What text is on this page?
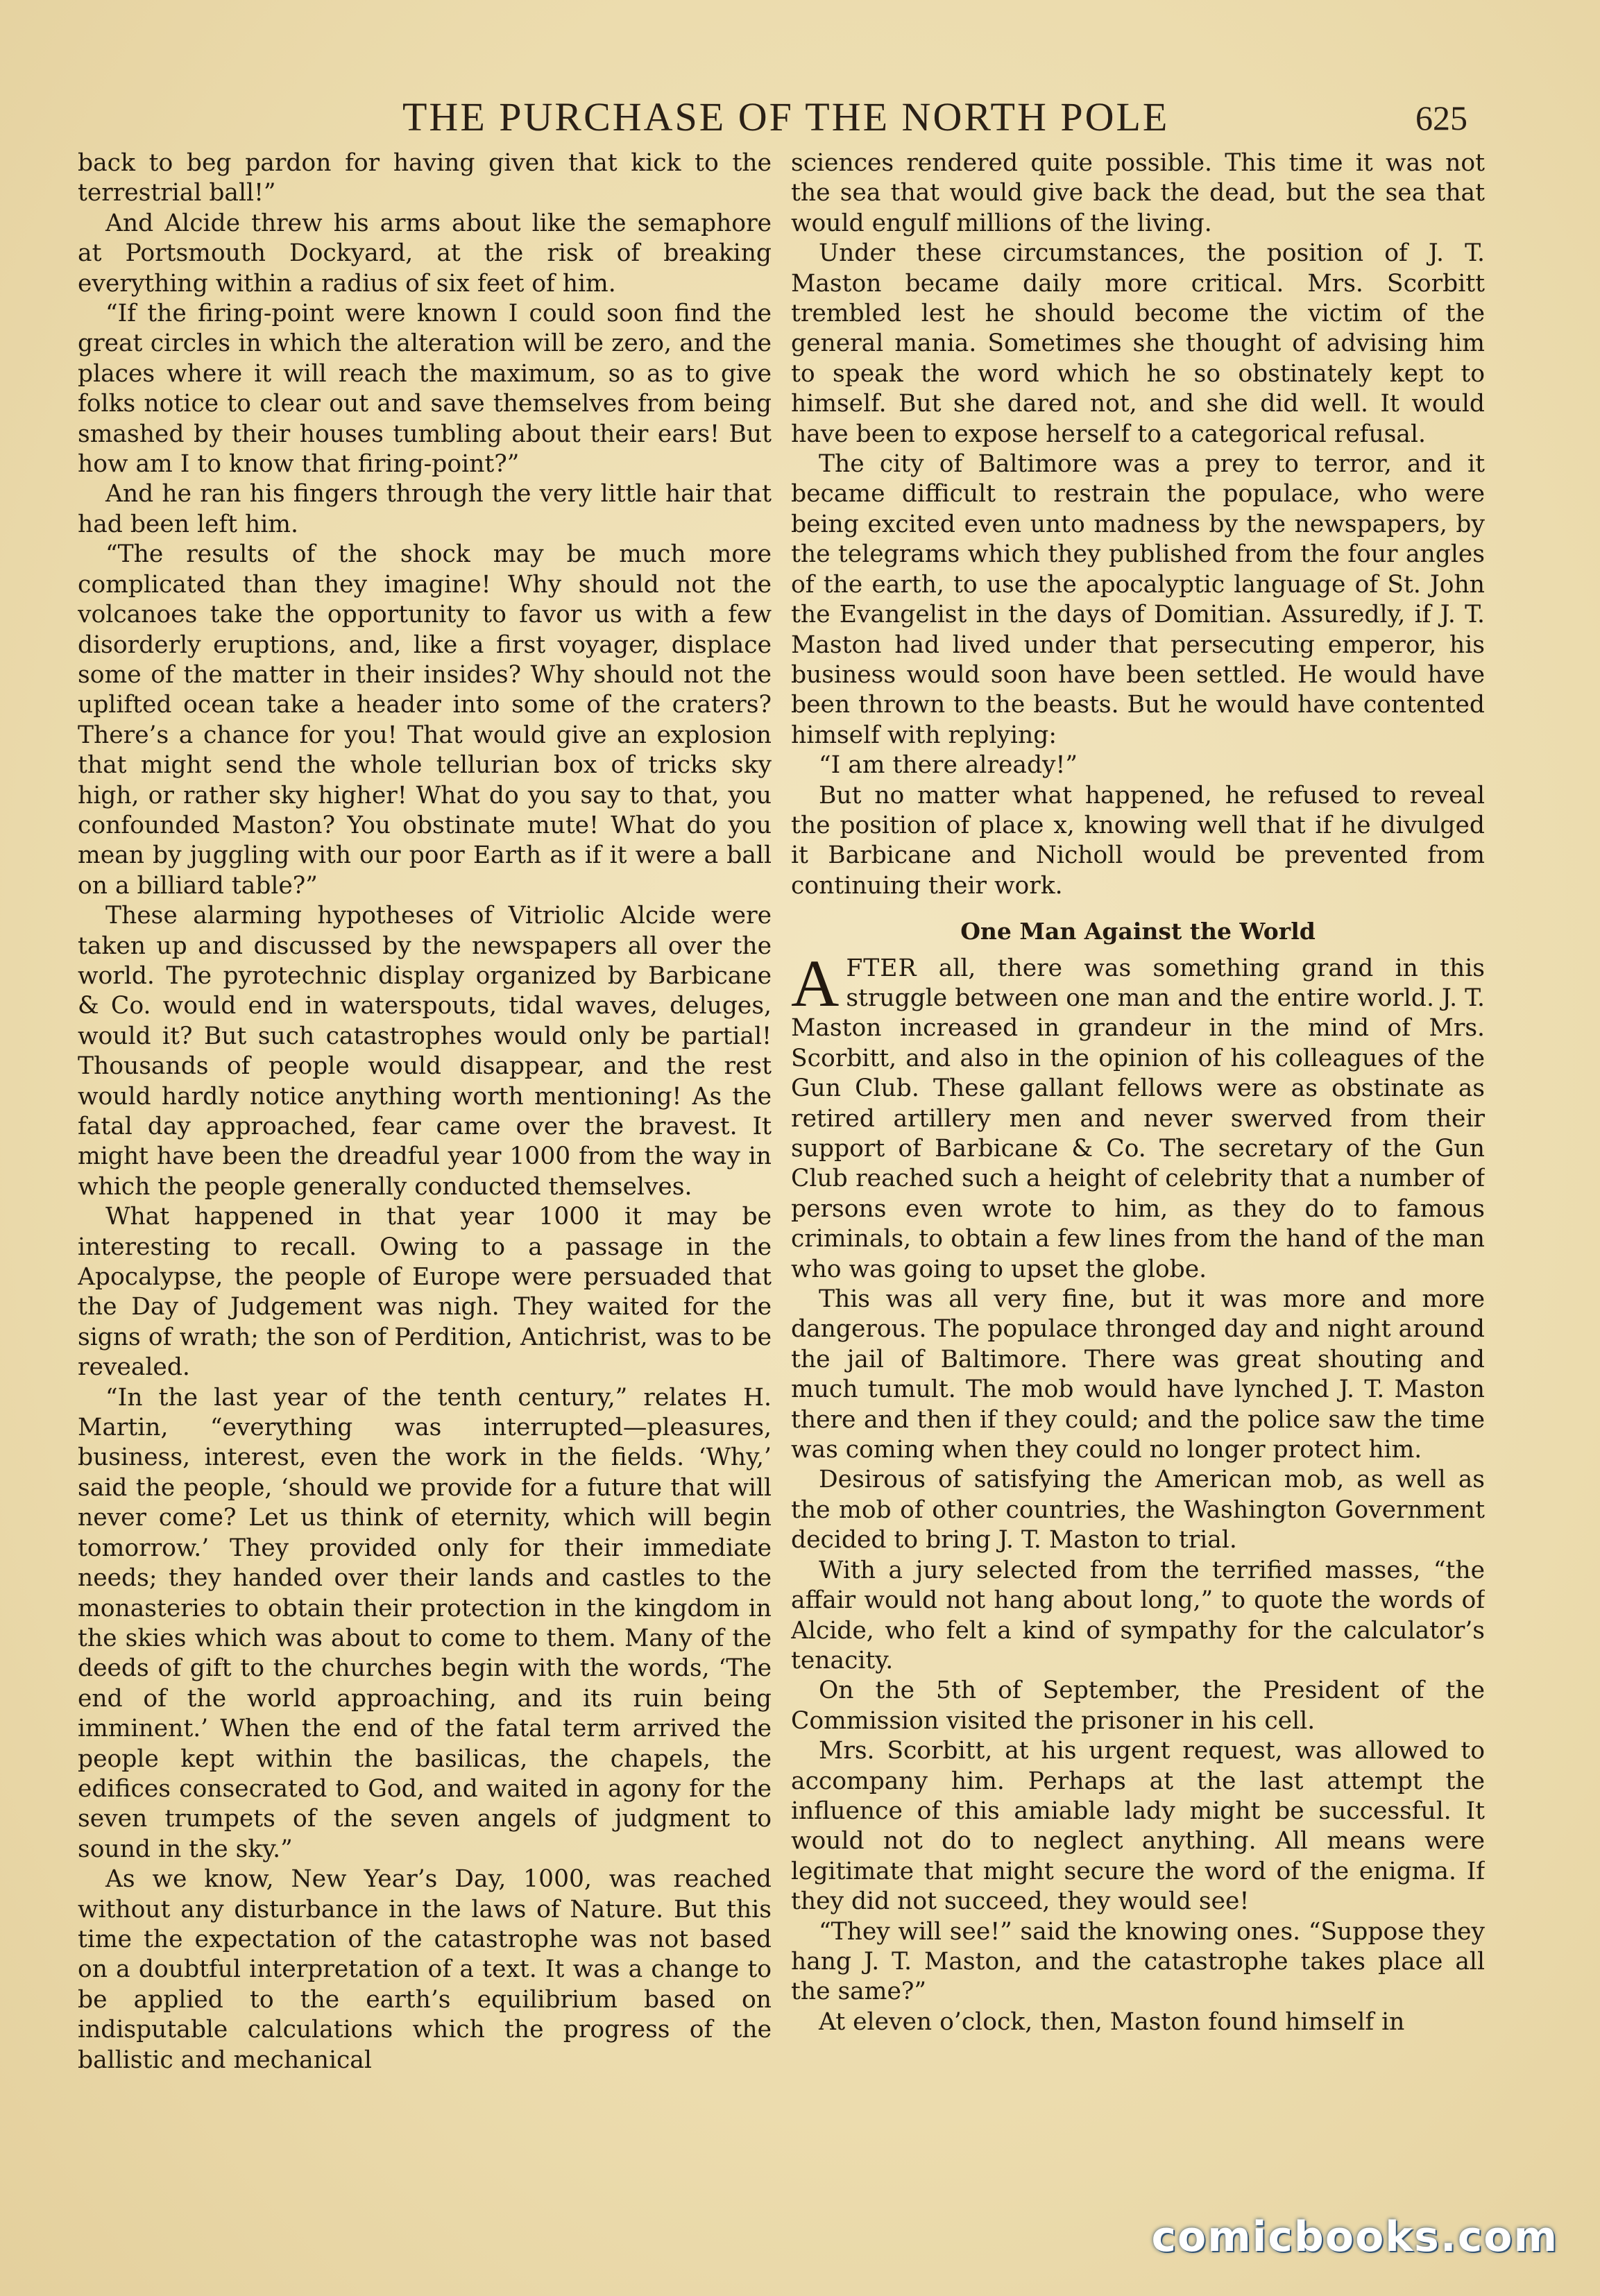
THE PURCHASE OF THE NORTH POLE	625

back to beg pardon for having given that kick to the terrestrial ball!”

And Alcide threw his arms about like the semaphore at Portsmouth Dockyard, at the risk of breaking everything within a radius of six feet of him.

“If the firing-point were known I could soon find the great circles in which the alteration will be zero, and the places where it will reach the maximum, so as to give folks notice to clear out and save themselves from being smashed by their houses tumbling about their ears! But how am I to know that firing-point?”

And he ran his fingers through the very little hair that had been left him.

“The results of the shock may be much more complicated than they imagine! Why should not the volcanoes take the opportunity to favor us with a few disorderly eruptions, and, like a first voyager, displace some of the matter in their insides? Why should not the uplifted ocean take a header into some of the craters? There’s a chance for you! That would give an explosion that might send the whole tellurian box of tricks sky high, or rather sky higher! What do you say to that, you confounded Maston? You obstinate mute! What do you mean by juggling with our poor Earth as if it were a ball on a billiard table?”

These alarming hypotheses of Vitriolic Alcide were taken up and discussed by the newspapers all over the world. The pyrotechnic display organized by Barbicane & Co. would end in waterspouts, tidal waves, deluges, would it? But such catastrophes would only be partial! Thousands of people would disappear, and the rest would hardly notice anything worth mentioning! As the fatal day approached, fear came over the bravest. It might have been the dreadful year 1000 from the way in which the people generally conducted themselves.

What happened in that year 1000 it may be interesting to recall. Owing to a passage in the Apocalypse, the people of Europe were persuaded that the Day of Judgement was nigh. They waited for the signs of wrath; the son of Perdition, Antichrist, was to be revealed.

“In the last year of the tenth century,” relates H. Martin, “everything was interrupted—pleasures, business, interest, even the work in the fields. ‘Why,’ said the people, ‘should we provide for a future that will never come? Let us think of eternity, which will begin tomorrow.’ They provided only for their immediate needs; they handed over their lands and castles to the monasteries to obtain their protection in the kingdom in the skies which was about to come to them. Many of the deeds of gift to the churches begin with the words, ‘The end of the world approaching, and its ruin being imminent.’ When the end of the fatal term arrived the people kept within the basilicas, the chapels, the edifices consecrated to God, and waited in agony for the seven trumpets of the seven angels of judgment to sound in the sky.”

As we know, New Year’s Day, 1000, was reached without any disturbance in the laws of Nature. But this time the expectation of the catastrophe was not based on a doubtful interpretation of a text. It was a change to be applied to the earth’s equilibrium based on indisputable calculations which the progress of the ballistic and mechanical

sciences rendered quite possible. This time it was not the sea that would give back the dead, but the sea that would engulf millions of the living.

Under these circumstances, the position of J. T. Maston became daily more critical. Mrs. Scorbitt trembled lest he should become the victim of the general mania. Sometimes she thought of advising him to speak the word which he so obstinately kept to himself. But she dared not, and she did well. It would have been to expose herself to a categorical refusal.

The city of Baltimore was a prey to terror, and it became difficult to restrain the populace, who were being excited even unto madness by the newspapers, by the telegrams which they published from the four angles of the earth, to use the apocalyptic language of St. John the Evangelist in the days of Domitian. Assuredly, if J. T. Maston had lived under that persecuting emperor, his business would soon have been settled. He would have been thrown to the beasts. But he would have contented himself with replying:

“I am there already!”

But no matter what happened, he refused to reveal the position of place x, knowing well that if he divulged it Barbicane and Nicholl would be prevented from continuing their work.

One Man Against the World

AFTER all, there was something grand in this struggle between one man and the entire world. J. T. Maston increased in grandeur in the mind of Mrs. Scorbitt, and also in the opinion of his colleagues of the Gun Club. These gallant fellows were as obstinate as retired artillery men and never swerved from their support of Barbicane & Co. The secretary of the Gun Club reached such a height of celebrity that a number of persons even wrote to him, as they do to famous criminals, to obtain a few lines from the hand of the man who was going to upset the globe.

This was all very fine, but it was more and more dangerous. The populace thronged day and night around the jail of Baltimore. There was great shouting and much tumult. The mob would have lynched J. T. Maston there and then if they could; and the police saw the time was coming when they could no longer protect him.

Desirous of satisfying the American mob, as well as the mob of other countries, the Washington Government decided to bring J. T. Maston to trial.

With a jury selected from the terrified masses, “the affair would not hang about long,” to quote the words of Alcide, who felt a kind of sympathy for the calculator’s tenacity.

On the 5th of September, the President of the Commission visited the prisoner in his cell.

Mrs. Scorbitt, at his urgent request, was allowed to accompany him. Perhaps at the last attempt the influence of this amiable lady might be successful. It would not do to neglect anything. All means were legitimate that might secure the word of the enigma. If they did not succeed, they would see!

“They will see!” said the knowing ones. “Suppose they hang J. T. Maston, and the catastrophe takes place all the same?”

At eleven o’clock, then, Maston found himself in

comicbooks.com
